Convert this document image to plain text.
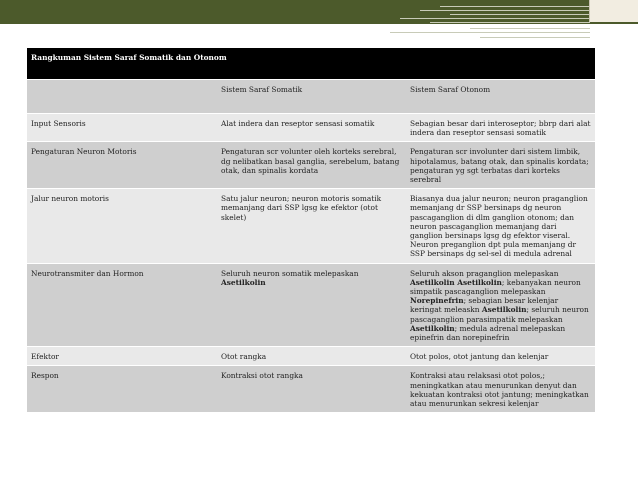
Rangkuman Sistem Saraf Somatik dan Otonom		
	Sistem Saraf Somatik	Sistem Saraf Otonom
Input Sensoris	Alat indera dan reseptor sensasi somatik	Sebagian besar dari interoseptor; bbrp dari alat indera dan reseptor sensasi somatik
Pengaturan Neuron Motoris	Pengaturan scr volunter oleh korteks serebral, dg nelibatkan basal ganglia, serebelum, batang otak, dan spinalis kordata	Pengaturan scr involunter dari sistem limbik, hipotalamus, batang otak, dan spinalis kordata; pengaturan yg sgt terbatas dari korteks serebral
Jalur neuron motoris	Satu jalur neuron; neuron motoris somatik memanjang dari SSP lgsg ke efektor (otot skelet)	Biasanya dua jalur neuron; neuron praganglion memanjang dr SSP bersinaps dg neuron pascaganglion di dlm ganglion otonom; dan neuron pascaganglion memanjang dari ganglion bersinaps lgsg dg efektor viseral. Neuron preganglion dpt pula memanjang dr SSP bersinaps dg sel-sel di medula adrenal
Neurotransmiter dan Hormon	Seluruh neuron somatik melepaskan Asetilkolin	Seluruh akson praganglion melepaskan Asetilkolin Asetilkolin; kebanyakan neuron simpatik pascaganglion melepaskan Norepinefrin; sebagian besar kelenjar keringat meleaskn Asetilkolin; seluruh neuron pascaganglion parasimpatik melepaskan Asetilkolin; medula adrenal melepaskan epinefrin dan norepinefrin
Efektor	Otot rangka	Otot polos, otot jantung dan kelenjar
Respon	Kontraksi otot rangka	Kontraksi atau relaksasi otot polos,; meningkatkan atau menurunkan denyut dan kekuatan kontraksi otot jantung; meningkatkan atau menurunkan sekresi kelenjar
